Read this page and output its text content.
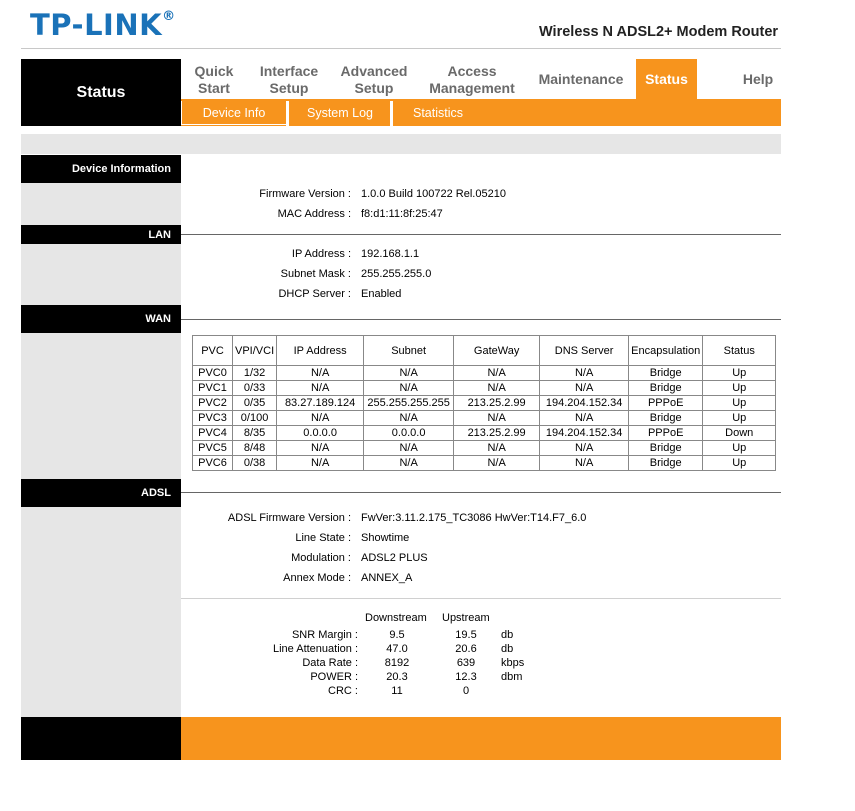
TP-LINK®
Wireless N ADSL2+ Modem Router
Status
Quick
Start
Interface
Setup
Advanced
Setup
Access
Management
Maintenance	Status	Help
Device Info	System Log	Statistics
Device Information
Firmware Version : 1.0.0 Build 100722 Rel.05210
MAC Address : f8:d1:11:8f:25:47
LAN
IP Address : 192.168.1.1
Subnet Mask : 255.255.255.0
DHCP Server : Enabled
WAN
PVC	VPI/VCI	IP Address	Subnet	GateWay	DNS Server	Encapsulation	Status
PVC0	1/32	N/A	N/A	N/A	N/A	Bridge	Up
PVC1	0/33	N/A	N/A	N/A	N/A	Bridge	Up
PVC2	0/35	83.27.189.124	255.255.255.255	213.25.2.99	194.204.152.34	PPPoE	Up
PVC3	0/100	N/A	N/A	N/A	N/A	Bridge	Up
PVC4	8/35	0.0.0.0	0.0.0.0	213.25.2.99	194.204.152.34	PPPoE	Down
PVC5	8/48	N/A	N/A	N/A	N/A	Bridge	Up
PVC6	0/38	N/A	N/A	N/A	N/A	Bridge	Up
ADSL
ADSL Firmware Version : FwVer:3.11.2.175_TC3086 HwVer:T14.F7_6.0
Line State : Showtime
Modulation : ADSL2 PLUS
Annex Mode : ANNEX_A
Downstream Upstream
SNR Margin :	9.5	19.5	db
Line Attenuation :	47.0	20.6	db
Data Rate :	8192	639	kbps
POWER :	20.3	12.3	dbm
CRC :	11	0
